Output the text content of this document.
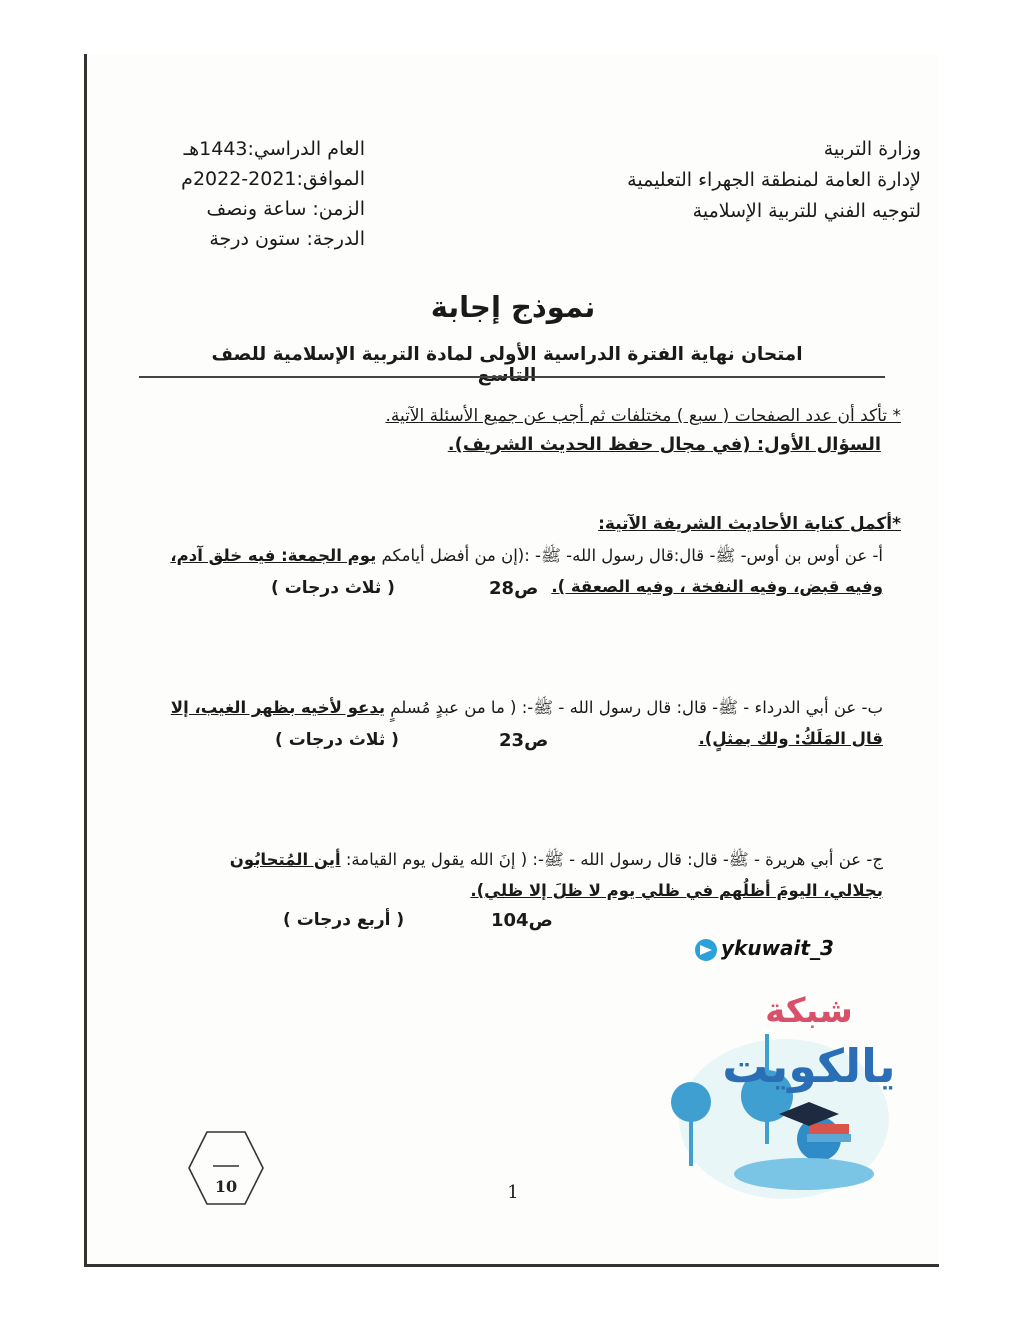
وزارة التربية
لإدارة العامة لمنطقة الجهراء التعليمية
لتوجيه الفني للتربية الإسلامية
العام الدراسي:1443هـ
الموافق:2021-2022م
الزمن: ساعة ونصف
الدرجة: ستون درجة
نموذج إجابة
امتحان نهاية الفترة الدراسية الأولى لمادة التربية الإسلامية للصف التاسع
* تأكد أن عدد الصفحات ( سبع ) مختلفات ثم أجب عن جميع الأسئلة الآتية.
السؤال الأول: (في مجال حفظ الحديث الشريف).
*أكمل كتابة الأحاديث الشريفة الآتية:
أ- عن أوس بن أوس- ﷺ- قال:قال رسول الله- ﷺ- :(إن من أفضل أيامكم يوم الجمعة: فيه خلق آدم،
وفيه قبض، وفيه النفخة ، وفيه الصعقة ).
ص28
( ثلاث درجات )
ب- عن أبي الدرداء - ﷺ- قال: قال رسول الله - ﷺ-: ( ما من عبدٍ مُسلمٍ يدعو لأخيه بظهر الغيب، إلا
قال المَلَكُ: ولك بمثلٍ).
ص23
( ثلاث درجات )
ج- عن أبي هريرة - ﷺ- قال: قال رسول الله - ﷺ-: ( إنَ الله يقول يوم القيامة: أين المُتحابُون
بجلالي، اليومَ أظلُهم في ظلي يوم لا ظلَ إلا ظلي).
ص104
( أربع درجات )
ykuwait_3
شبكة
يالكويت
10	1
